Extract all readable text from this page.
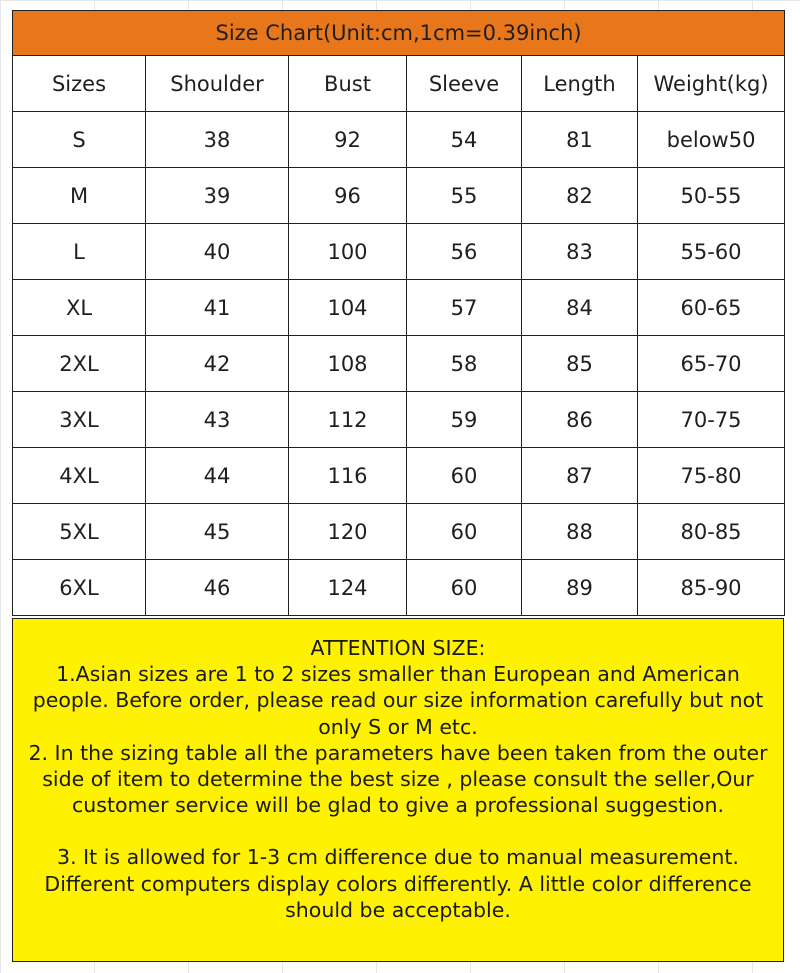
Size Chart(Unit:cm,1cm=0.39inch)					
Sizes	Shoulder	Bust	Sleeve	Length	Weight(kg)
S	38	92	54	81	below50
M	39	96	55	82	50-55
L	40	100	56	83	55-60
XL	41	104	57	84	60-65
2XL	42	108	58	85	65-70
3XL	43	112	59	86	70-75
4XL	44	116	60	87	75-80
5XL	45	120	60	88	80-85
6XL	46	124	60	89	85-90

ATTENTION SIZE:

1.Asian sizes are 1 to 2 sizes smaller than European and American people. Before order, please read our size information carefully but not only S or M etc.

2. In the sizing table all the parameters have been taken from the outer side of item to determine the best size , please consult the seller,Our customer service will be glad to give a professional suggestion.

3. It is allowed for 1-3 cm difference due to manual measurement. Different computers display colors differently. A little color difference should be acceptable.
